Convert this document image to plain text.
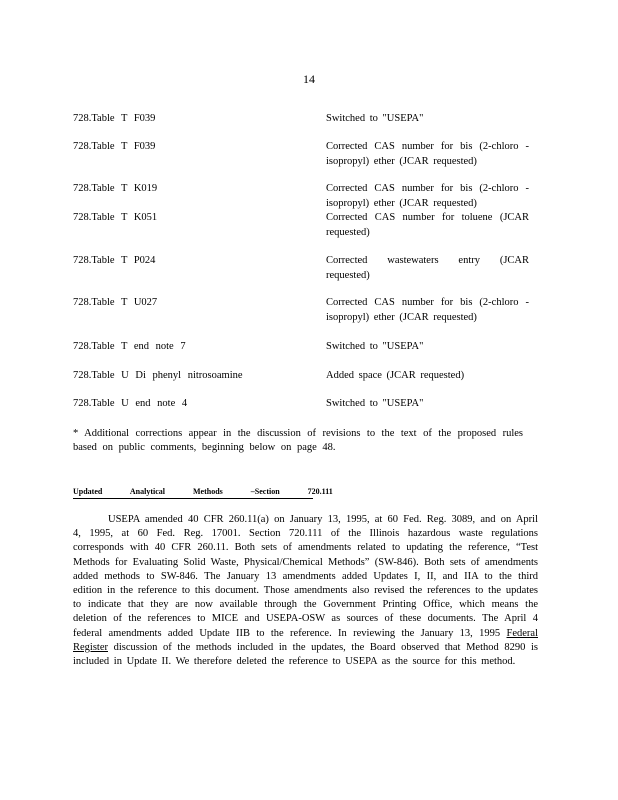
14
728.Table T F039	Switched to "USEPA"
728.Table T F039	Corrected CAS number for bis (2-chloro - isopropyl) ether (JCAR requested)
728.Table T K019	Corrected CAS number for bis (2-chloro - isopropyl) ether (JCAR requested)
728.Table T K051	Corrected CAS number for toluene (JCAR requested)
728.Table T P024	Corrected wastewaters entry (JCAR requested)
728.Table T U027	Corrected CAS number for bis (2-chloro - isopropyl) ether (JCAR requested)
728.Table T end note 7	Switched to "USEPA"
728.Table U Di phenyl nitrosoamine	Added space (JCAR requested)
728.Table U end note 4	Switched to "USEPA"
* Additional corrections appear in the discussion of revisions to the text of the proposed rules based on public comments, beginning below on page 48.
Updated Analytical Methods –Section 720.111
USEPA amended 40 CFR 260.11(a) on January 13, 1995, at 60 Fed. Reg. 3089, and on April 4, 1995, at 60 Fed. Reg. 17001. Section 720.111 of the Illinois hazardous waste regulations corresponds with 40 CFR 260.11. Both sets of amendments related to updating the reference, “Test Methods for Evaluating Solid Waste, Physical/Chemical Methods” (SW-846). Both sets of amendments added methods to SW-846. The January 13 amendments added Updates I, II, and IIA to the third edition in the reference to this document. Those amendments also revised the references to the updates to indicate that they are now available through the Government Printing Office, which means the deletion of the references to MICE and USEPA-OSW as sources of these documents. The April 4 federal amendments added Update IIB to the reference. In reviewing the January 13, 1995 Federal Register discussion of the methods included in the updates, the Board observed that Method 8290 is included in Update II. We therefore deleted the reference to USEPA as the source for this method.
